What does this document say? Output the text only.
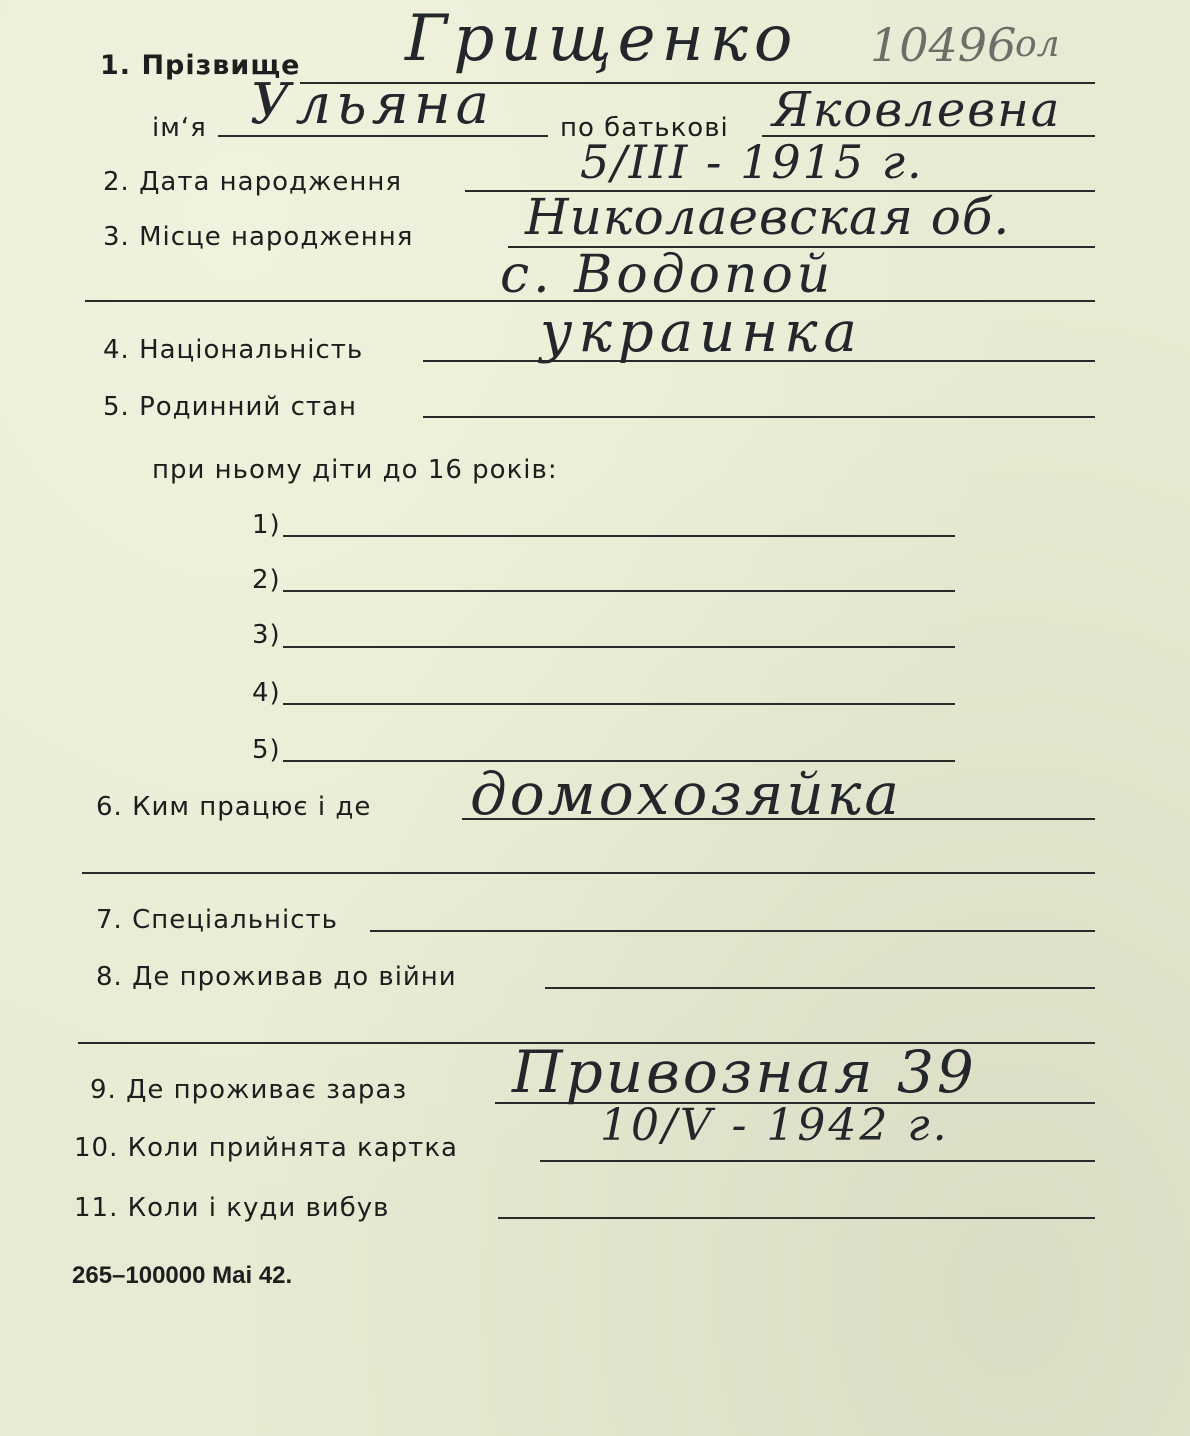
1. Прізвище Грищенко 10496
ол
ім‘я Ульяна	по батькові Яковлевна
2. Дата народження	5/III - 1915 г.
3. Місце народження Николаевская об.
с. Водопой
4. Національність	украинка
5. Родинний стан
при ньому діти до 16 років:
1)
2)
3)
4)
5)
6. Ким працює і де домохозяйка
7. Спеціальність
8. Де проживав до війни
9. Де проживає зараз Привозная 39
10. Коли прийнята картка	10/V - 1942 г.
11. Коли і куди вибув
265–100000 Mai 42.
